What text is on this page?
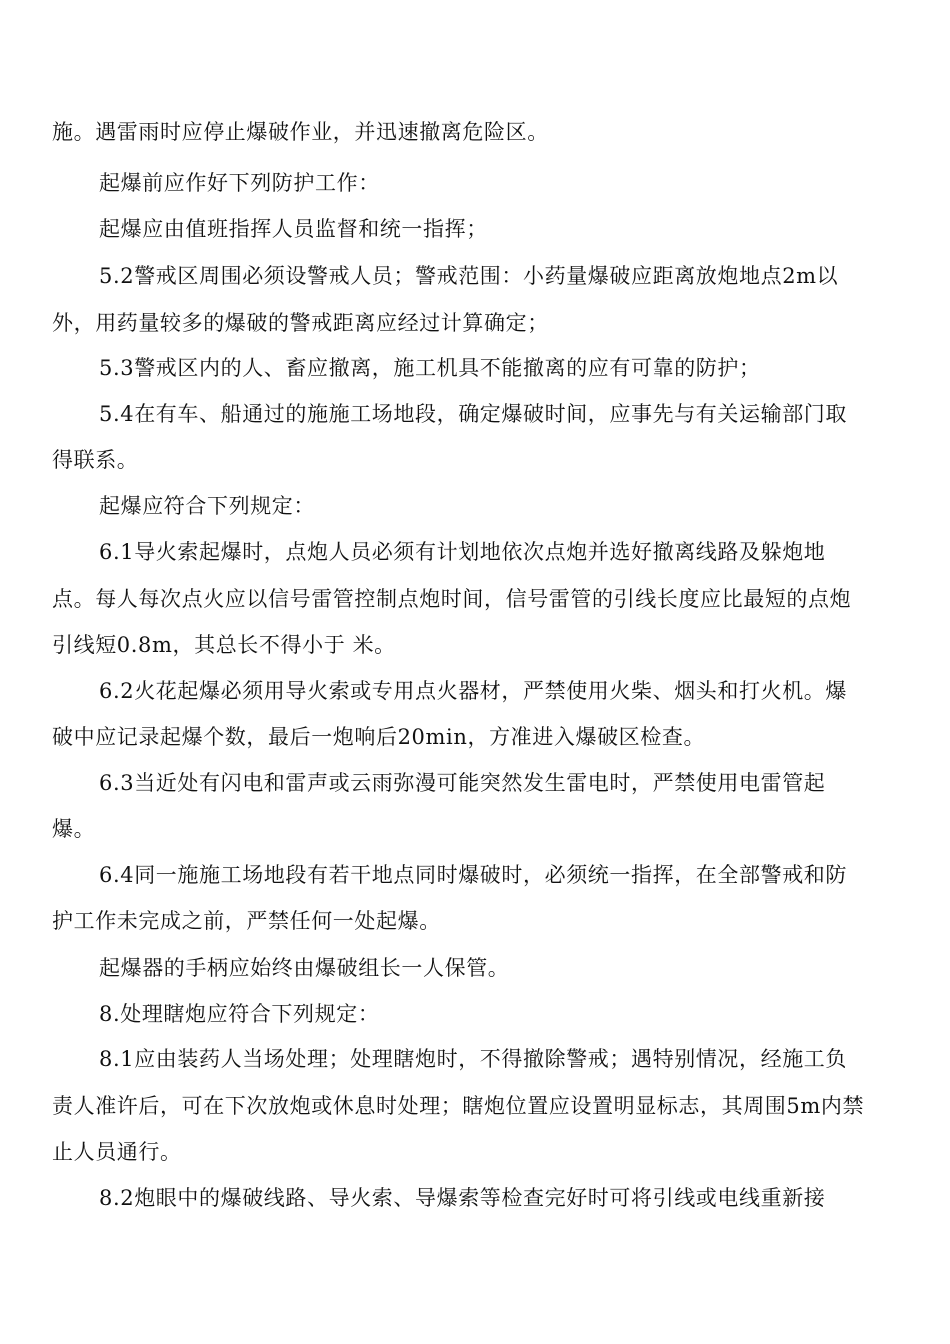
施。遇雷雨时应停止爆破作业，并迅速撤离危险区。
起爆前应作好下列防护工作：
起爆应由值班指挥人员监督和统一指挥；
5.2警戒区周围必须设警戒人员；警戒范围：小药量爆破应距离放炮地点2m以
外，用药量较多的爆破的警戒距离应经过计算确定；
5.3警戒区内的人、畜应撤离，施工机具不能撤离的应有可靠的防护；
5.4在有车、船通过的施施工场地段，确定爆破时间，应事先与有关运输部门取
得联系。
起爆应符合下列规定：
6.1导火索起爆时，点炮人员必须有计划地依次点炮并选好撤离线路及躲炮地
点。每人每次点火应以信号雷管控制点炮时间，信号雷管的引线长度应比最短的点炮
引线短0.8m，其总长不得小于 米。
6.2火花起爆必须用导火索或专用点火器材，严禁使用火柴、烟头和打火机。爆
破中应记录起爆个数，最后一炮响后20min，方准进入爆破区检查。
6.3当近处有闪电和雷声或云雨弥漫可能突然发生雷电时，严禁使用电雷管起
爆。
6.4同一施施工场地段有若干地点同时爆破时，必须统一指挥，在全部警戒和防
护工作未完成之前，严禁任何一处起爆。
起爆器的手柄应始终由爆破组长一人保管。
8.处理瞎炮应符合下列规定：
8.1应由装药人当场处理；处理瞎炮时，不得撤除警戒；遇特别情况，经施工负
责人准许后，可在下次放炮或休息时处理；瞎炮位置应设置明显标志，其周围5m内禁
止人员通行。
8.2炮眼中的爆破线路、导火索、导爆索等检查完好时可将引线或电线重新接
